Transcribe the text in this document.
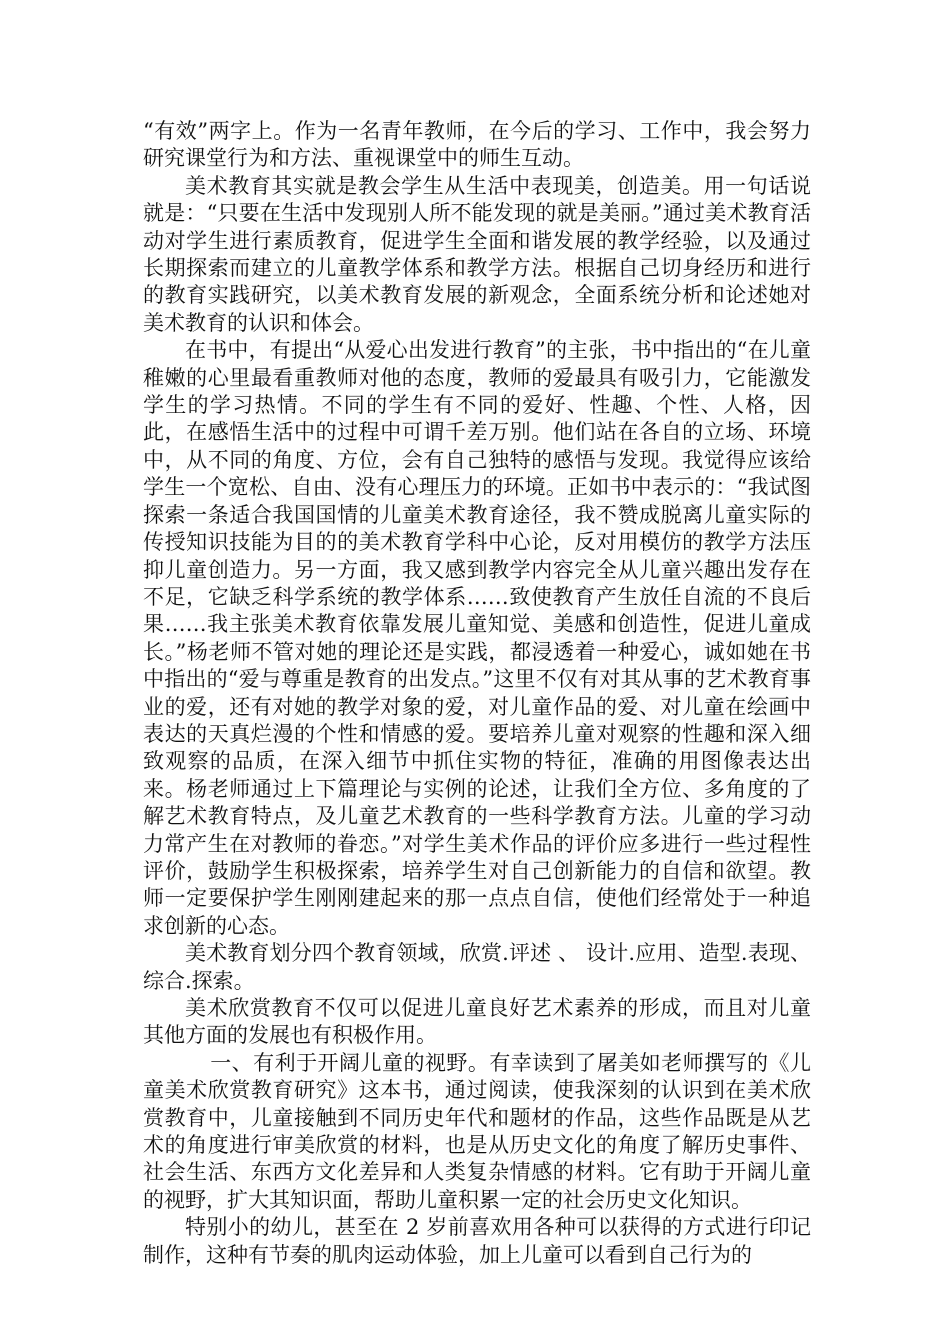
“有效”两字上。作为一名青年教师，在今后的学习、工作中，我会努力研究课堂行为和方法、重视课堂中的师生互动。

美术教育其实就是教会学生从生活中表现美，创造美。用一句话说就是：“只要在生活中发现别人所不能发现的就是美丽。”通过美术教育活动对学生进行素质教育，促进学生全面和谐发展的教学经验，以及通过长期探索而建立的儿童教学体系和教学方法。根据自己切身经历和进行的教育实践研究，以美术教育发展的新观念，全面系统分析和论述她对美术教育的认识和体会。

在书中，有提出“从爱心出发进行教育”的主张，书中指出的“在儿童稚嫩的心里最看重教师对他的态度，教师的爱最具有吸引力，它能激发学生的学习热情。不同的学生有不同的爱好、性趣、个性、人格，因此，在感悟生活中的过程中可谓千差万别。他们站在各自的立场、环境中，从不同的角度、方位，会有自己独特的感悟与发现。我觉得应该给学生一个宽松、自由、没有心理压力的环境。正如书中表示的：“我试图探索一条适合我国国情的儿童美术教育途径，我不赞成脱离儿童实际的传授知识技能为目的的美术教育学科中心论，反对用模仿的教学方法压抑儿童创造力。另一方面，我又感到教学内容完全从儿童兴趣出发存在不足，它缺乏科学系统的教学体系……致使教育产生放任自流的不良后果……我主张美术教育依靠发展儿童知觉、美感和创造性，促进儿童成长。”杨老师不管对她的理论还是实践，都浸透着一种爱心，诚如她在书中指出的“爱与尊重是教育的出发点。”这里不仅有对其从事的艺术教育事业的爱，还有对她的教学对象的爱，对儿童作品的爱、对儿童在绘画中表达的天真烂漫的个性和情感的爱。要培养儿童对观察的性趣和深入细致观察的品质，在深入细节中抓住实物的特征，准确的用图像表达出来。杨老师通过上下篇理论与实例的论述，让我们全方位、多角度的了解艺术教育特点，及儿童艺术教育的一些科学教育方法。儿童的学习动力常产生在对教师的眷恋。”对学生美术作品的评价应多进行一些过程性评价，鼓励学生积极探索，培养学生对自己创新能力的自信和欲望。教师一定要保护学生刚刚建起来的那一点点自信，使他们经常处于一种追求创新的心态。

美术教育划分四个教育领域，欣赏.评述 、 设计.应用、造型.表现、综合.探索。

美术欣赏教育不仅可以促进儿童良好艺术素养的形成，而且对儿童其他方面的发展也有积极作用。

一、有利于开阔儿童的视野。有幸读到了屠美如老师撰写的《儿童美术欣赏教育研究》这本书，通过阅读，使我深刻的认识到在美术欣赏教育中，儿童接触到不同历史年代和题材的作品，这些作品既是从艺术的角度进行审美欣赏的材料，也是从历史文化的角度了解历史事件、社会生活、东西方文化差异和人类复杂情感的材料。它有助于开阔儿童的视野，扩大其知识面，帮助儿童积累一定的社会历史文化知识。

特别小的幼儿，甚至在 2 岁前喜欢用各种可以获得的方式进行印记制作，这种有节奏的肌肉运动体验，加上儿童可以看到自己行为的
